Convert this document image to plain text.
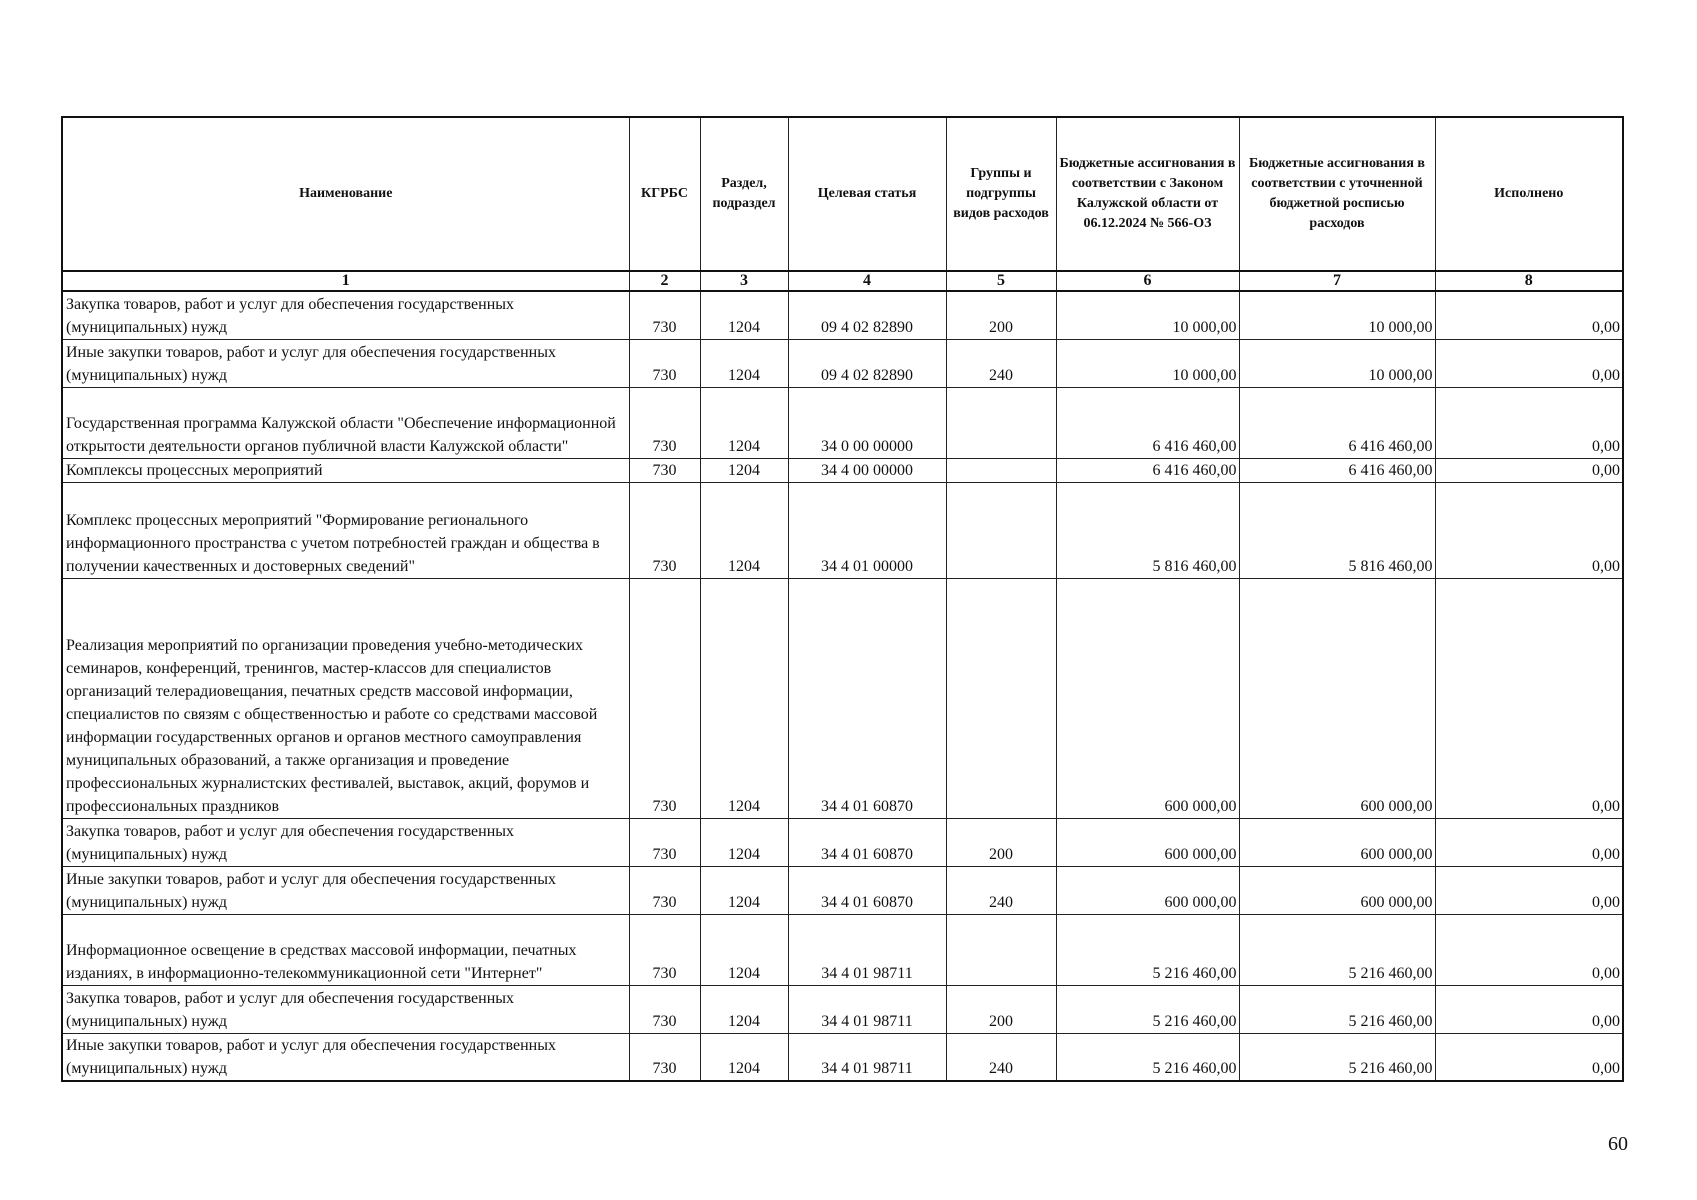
Наименование	КГРБС	Раздел, подраздел	Целевая статья	Группы и подгруппы видов расходов	Бюджетные ассигнования в соответствии с Законом Калужской области от 06.12.2024 № 566-ОЗ	Бюджетные ассигнования в соответствии с уточненной бюджетной росписью расходов	Исполнено
1	2	3	4	5	6	7	8
Закупка товаров, работ и услуг для обеспечения государственных (муниципальных) нужд	730	1204	09 4 02 82890	200	10 000,00	10 000,00	0,00
Иные закупки товаров, работ и услуг для обеспечения государственных (муниципальных) нужд	730	1204	09 4 02 82890	240	10 000,00	10 000,00	0,00
Государственная программа Калужской области "Обеспечение информационной открытости деятельности органов публичной власти Калужской области"	730	1204	34 0 00 00000		6 416 460,00	6 416 460,00	0,00
Комплексы процессных мероприятий	730	1204	34 4 00 00000		6 416 460,00	6 416 460,00	0,00
Комплекс процессных мероприятий "Формирование регионального информационного пространства с учетом потребностей граждан и общества в получении качественных и достоверных сведений"	730	1204	34 4 01 00000		5 816 460,00	5 816 460,00	0,00
Реализация мероприятий по организации проведения учебно-методических семинаров, конференций, тренингов, мастер-классов для специалистов организаций телерадиовещания, печатных средств массовой информации, специалистов по связям с общественностью и работе со средствами массовой информации государственных органов и органов местного самоуправления муниципальных образований, а также организация и проведение профессиональных журналистских фестивалей, выставок, акций, форумов и профессиональных праздников	730	1204	34 4 01 60870		600 000,00	600 000,00	0,00
Закупка товаров, работ и услуг для обеспечения государственных (муниципальных) нужд	730	1204	34 4 01 60870	200	600 000,00	600 000,00	0,00
Иные закупки товаров, работ и услуг для обеспечения государственных (муниципальных) нужд	730	1204	34 4 01 60870	240	600 000,00	600 000,00	0,00
Информационное освещение в средствах массовой информации, печатных изданиях, в информационно-телекоммуникационной сети "Интернет"	730	1204	34 4 01 98711		5 216 460,00	5 216 460,00	0,00
Закупка товаров, работ и услуг для обеспечения государственных (муниципальных) нужд	730	1204	34 4 01 98711	200	5 216 460,00	5 216 460,00	0,00
Иные закупки товаров, работ и услуг для обеспечения государственных (муниципальных) нужд	730	1204	34 4 01 98711	240	5 216 460,00	5 216 460,00	0,00
60
